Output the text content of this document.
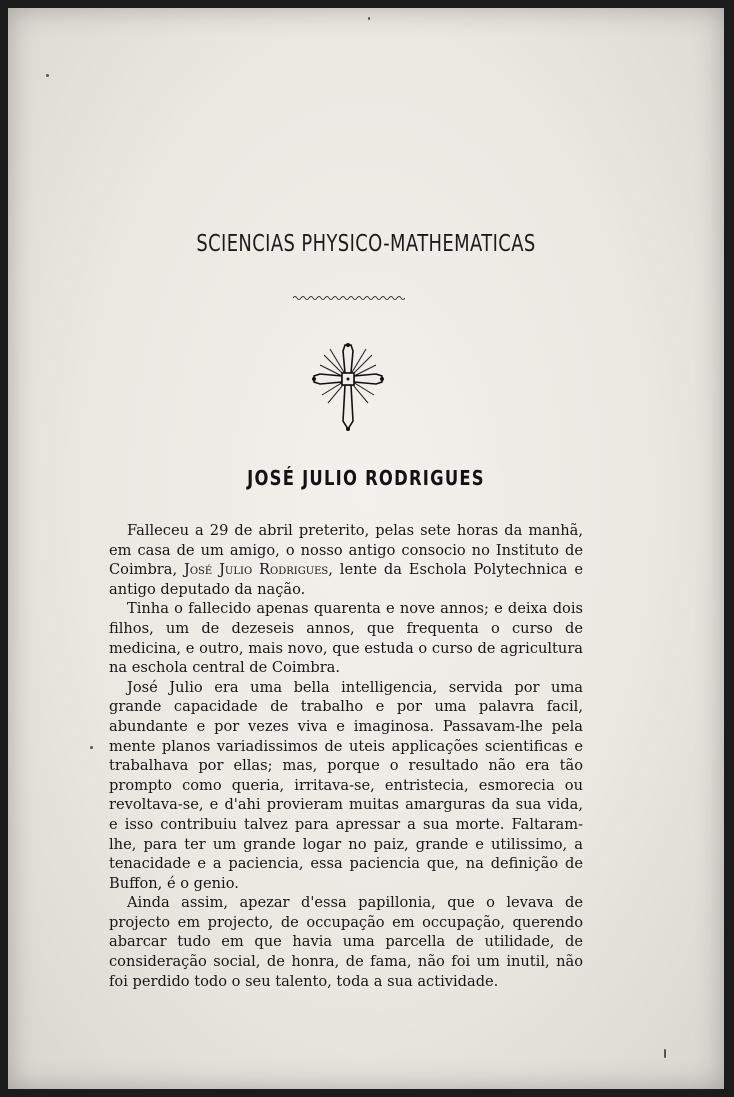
SCIENCIAS PHYSICO-MATHEMATICAS
JOSÉ JULIO RODRIGUES

Falleceu a 29 de abril preterito, pelas sete horas da manhã, em casa de um amigo, o nosso antigo consocio no Instituto de Coimbra, José Julio Rodrigues, lente da Eschola Polytechnica e antigo deputado da nação.

Tinha o fallecido apenas quarenta e nove annos; e deixa dois filhos, um de dezeseis annos, que frequenta o curso de medicina, e outro, mais novo, que estuda o curso de agricultura na eschola central de Coimbra.

José Julio era uma bella intelligencia, servida por uma grande capacidade de trabalho e por uma palavra facil, abundante e por vezes viva e imaginosa. Passavam-lhe pela mente planos variadissimos de uteis applicações scientificas e trabalhava por ellas; mas, porque o resultado não era tão prompto como queria, irritava-se, entristecia, esmorecia ou revoltava-se, e d'ahi provieram muitas amarguras da sua vida, e isso contribuiu talvez para apressar a sua morte. Faltaram-lhe, para ter um grande logar no paiz, grande e utilissimo, a tenacidade e a paciencia, essa paciencia que, na definição de Buffon, é o genio.

Ainda assim, apezar d'essa papillonia, que o levava de projecto em projecto, de occupação em occupação, querendo abarcar tudo em que havia uma parcella de utilidade, de consideração social, de honra, de fama, não foi um inutil, não foi perdido todo o seu talento, toda a sua actividade.
